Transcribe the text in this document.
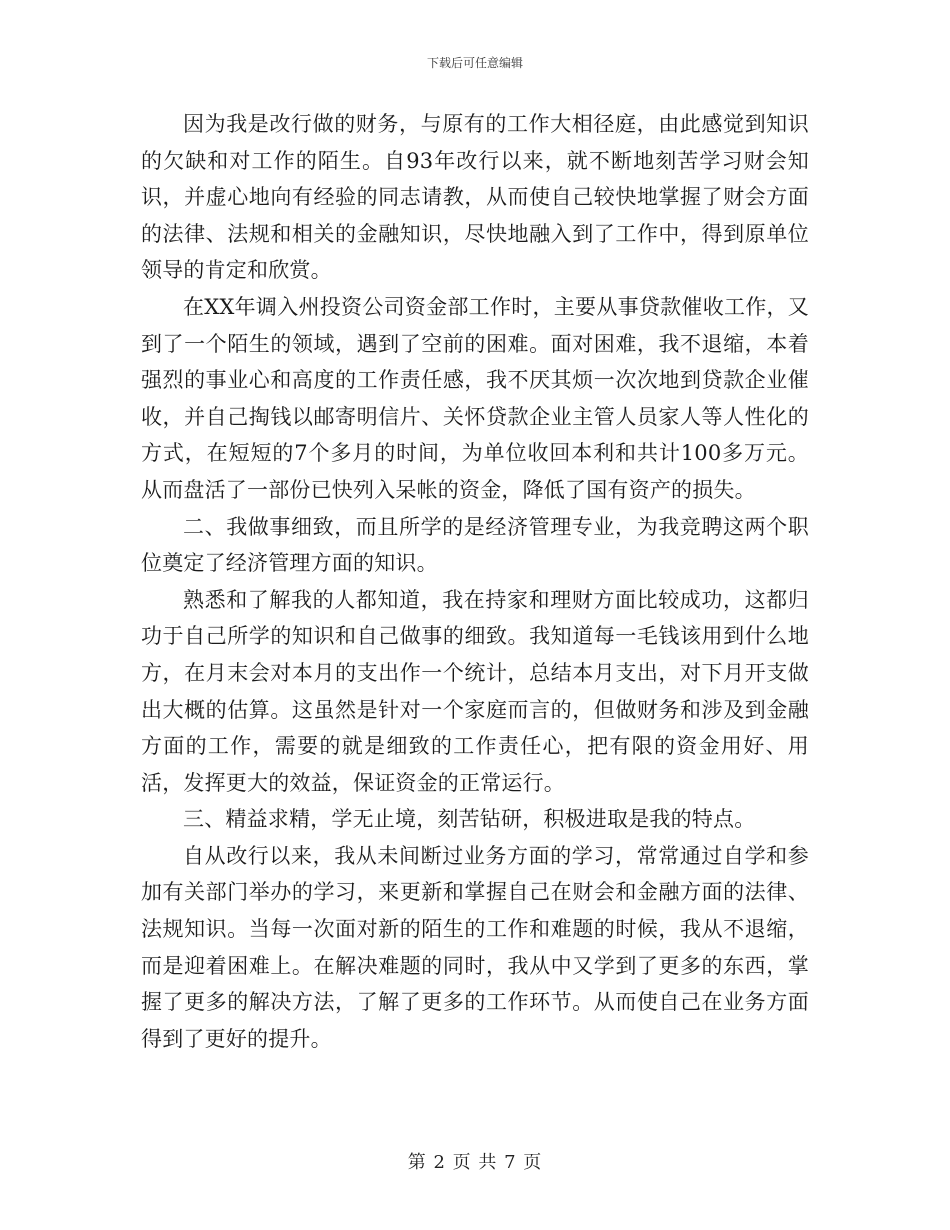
下载后可任意编辑

因为我是改行做的财务，与原有的工作大相径庭，由此感觉到知识的欠缺和对工作的陌生。自93年改行以来，就不断地刻苦学习财会知识，并虚心地向有经验的同志请教，从而使自己较快地掌握了财会方面的法律、法规和相关的金融知识，尽快地融入到了工作中，得到原单位领导的肯定和欣赏。

在XX年调入州投资公司资金部工作时，主要从事贷款催收工作，又到了一个陌生的领域，遇到了空前的困难。面对困难，我不退缩，本着强烈的事业心和高度的工作责任感，我不厌其烦一次次地到贷款企业催收，并自己掏钱以邮寄明信片、关怀贷款企业主管人员家人等人性化的方式，在短短的7个多月的时间，为单位收回本利和共计100多万元。从而盘活了一部份已快列入呆帐的资金，降低了国有资产的损失。

二、我做事细致，而且所学的是经济管理专业，为我竞聘这两个职位奠定了经济管理方面的知识。

熟悉和了解我的人都知道，我在持家和理财方面比较成功，这都归功于自己所学的知识和自己做事的细致。我知道每一毛钱该用到什么地方，在月末会对本月的支出作一个统计，总结本月支出，对下月开支做出大概的估算。这虽然是针对一个家庭而言的，但做财务和涉及到金融方面的工作，需要的就是细致的工作责任心，把有限的资金用好、用活，发挥更大的效益，保证资金的正常运行。

三、精益求精，学无止境，刻苦钻研，积极进取是我的特点。

自从改行以来，我从未间断过业务方面的学习，常常通过自学和参加有关部门举办的学习，来更新和掌握自己在财会和金融方面的法律、法规知识。当每一次面对新的陌生的工作和难题的时候，我从不退缩，而是迎着困难上。在解决难题的同时，我从中又学到了更多的东西，掌握了更多的解决方法，了解了更多的工作环节。从而使自己在业务方面得到了更好的提升。

第 2 页 共 7 页
